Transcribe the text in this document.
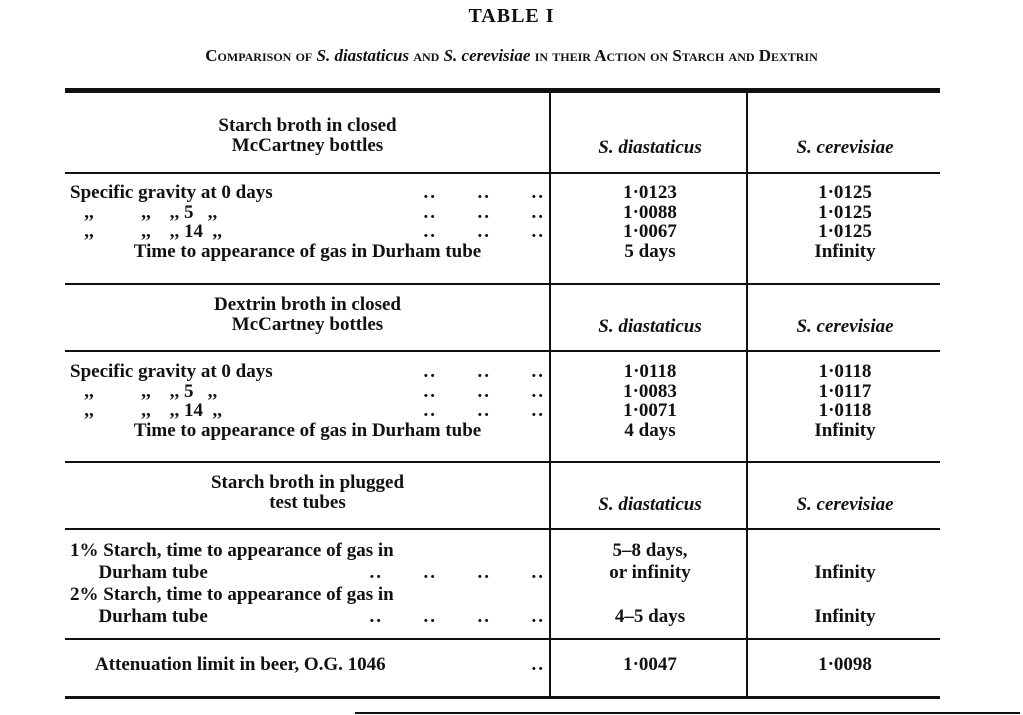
TABLE I
Comparison of S. diastaticus and S. cerevisiae in their Action on Starch and Dextrin
Starch broth in closed
McCartney bottles	S. diastaticus	S. cerevisiae
Specific gravity at 0 days	..      ..      ..	1·0123	1·0125
,,          ,,    ,, 5   ,,	..      ..      ..	1·0088	1·0125
,,          ,,    ,, 14  ,,	..      ..      ..	1·0067	1·0125
Time to appearance of gas in Durham tube	5 days	Infinity
Dextrin broth in closed
McCartney bottles	S. diastaticus	S. cerevisiae
Specific gravity at 0 days	..      ..      ..	1·0118	1·0118
,,          ,,    ,, 5   ,,	..      ..      ..	1·0083	1·0117
,,          ,,    ,, 14  ,,	..      ..      ..	1·0071	1·0118
Time to appearance of gas in Durham tube	4 days	Infinity
Starch broth in plugged
test tubes	S. diastaticus	S. cerevisiae
1% Starch, time to appearance of gas in	5–8 days,
Durham tube	..      ..      ..      ..	or infinity	Infinity
2% Starch, time to appearance of gas in
Durham tube	..      ..      ..      ..	4–5 days	Infinity
Attenuation limit in beer, O.G. 1046	..	1·0047	1·0098
